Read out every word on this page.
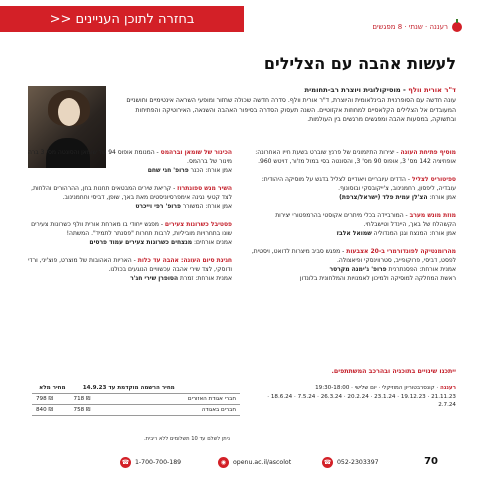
רעננה · שנתי · 8 מפגשים
בחזרה לתוכן העניינים <<
לעשות אהבה עם הצלילים
ד"ר אורית וולף - מוסיקולוגית ויוצרת רב-תחומית
עונה חדשה עם הסופרנוית הבינלאומית והיוצרת, ד"ר אורית וולף. סדרה חדשה שכולה שחזור ומופעי השראה אינטימיים וחושניים המעובדים אל הצלילים הקלאסיים למחוזות אקזוטיים. השנה תעסוק הסדרה בסיפור האהבה והשנאה, האירוטיקה והפתיחות ובתשוקה, במסעות אהבה ומפגשים מרגשים בין העולמות.
מוסיף פתיחת העונה - יצירות התיזמונים של פרנץ שוברט בשעת חייו האחרונה: אופוזיציה 142 מס' 3, אופוס 90 מס' 3, והסונטה בסי במול מז'ור, דויטש 960.
ספיטוריס לצליל - הדדים עיובריים ויאודיים לצליל בדגש על מוסיקה היהודית: עובדיה, ליפסון, רחמנינוב, צ'ייקובסקי ובוסונוף.
אמן אורח: הצ'לן עמית פלד (ישראל/צרפת)
מוזת מונש מערב - המורביידה בכלי מיתרים אקוסטי בהרמפטורי יצירות הקשהלח של באך, היינדל וטישבלחי.
אמן אורח: המנצח וגנן המנדוליה שמואל אלבז
מהרומנטיקה לפונדורמרי ב-20 אצבעות - מפגש סביב מיצרות לדואט, ויסטית, לפסט, דביסי, פרוקופייב, סטרווינסקי ופיאצולה.
אמנית אורחת: הפסנתרנית פרופ' ג'ימנה מקרסר
ראשת המחלקה למוסיקה ולמיכון לאמנויות והמלחונית בלונדון
הכינור של שומאן וברהמס - המנומת אופוס 94 של שומאן והסונטה מס' 3 ברה מינור של ברהמס.
אמן אורח: הכנר פרופ' חגי שחם
השיר מנש ספונתרוז - קריאת שירים המבטאים תחנות בחן, ההרהורים והלחות, לצד קטעי נגינה אימפרסיוניסטים מאת באך, שופן, דביסי וחחמנינוב.
אמן אורח: המשורר פרופ' רפי וייכרט
פסטיבל כשרונות צעירים - מפגש ייחודי בו מארחת אורית וולף כשרונות צעירים שונו בתחרויות מוביליות, לרבות תחרות "פסנתר לתמיד". המשתה!
אמנים אורחים: מנצחים כשרונות צעירים עמוד פרסים
חגיגת סיום העונה: אהבה עד כלות - האריות האהובות של מוצרט, פוצ'יני, ורדי ודוסקי, לצד שירי אהבה עכשוויים הנוגעים בכולנו.
אמנית אורחת: זמרת הסופרן שירי חג'ר
ייתכנו שינויים בתוכניה ובהרכב המשתתפים.
רעננה · קונסרבטוריון המוזיקלי · יום שלישי · 19:30-18:00
21.11.23 · 19.12.23 · 23.1.24 · 20.2.24 · 26.3.24 · 7.5.24 · 18.6.24 · 2.7.24
	מחיר הרשמה מוקדמת עד 14.9.23	מחיר מלא
חברי אגודת האזורים	₪ 718	₪ 798
חברים באגודה	₪ 758	₪ 840
ניתן לשלם עד 10 תשלומים ללא ריבית.
70
☎ 052-2303397
◉	openu.ac.il/ascolot
☎ 1-700-700-189
